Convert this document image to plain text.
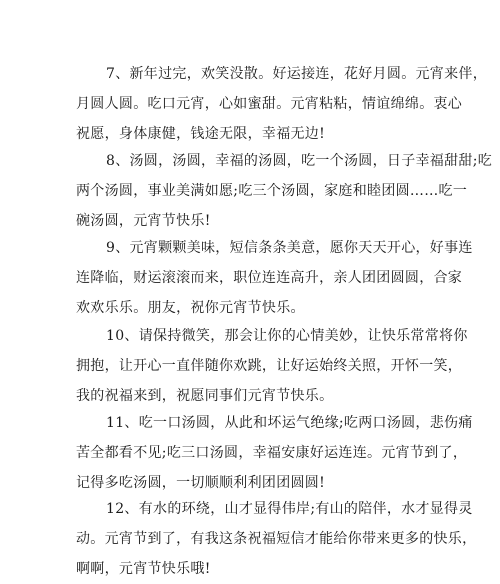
7、新年过完，欢笑没散。好运接连，花好月圆。元宵来伴，
月圆人圆。吃口元宵，心如蜜甜。元宵粘粘，情谊绵绵。衷心
祝愿，身体康健，钱途无限，幸福无边!
8、汤圆，汤圆，幸福的汤圆，吃一个汤圆，日子幸福甜甜;吃
两个汤圆，事业美满如愿;吃三个汤圆，家庭和睦团圆……吃一
碗汤圆，元宵节快乐!
9、元宵颗颗美味，短信条条美意，愿你天天开心，好事连
连降临，财运滚滚而来，职位连连高升，亲人团团圆圆，合家
欢欢乐乐。朋友，祝你元宵节快乐。
10、请保持微笑，那会让你的心情美妙，让快乐常常将你
拥抱，让开心一直伴随你欢跳，让好运始终关照，开怀一笑，
我的祝福来到，祝愿同事们元宵节快乐。
11、吃一口汤圆，从此和坏运气绝缘;吃两口汤圆，悲伤痛
苦全都看不见;吃三口汤圆，幸福安康好运连连。元宵节到了，
记得多吃汤圆，一切顺顺利利团团圆圆!
12、有水的环绕，山才显得伟岸;有山的陪伴，水才显得灵
动。元宵节到了，有我这条祝福短信才能给你带来更多的快乐，
啊啊，元宵节快乐哦!
